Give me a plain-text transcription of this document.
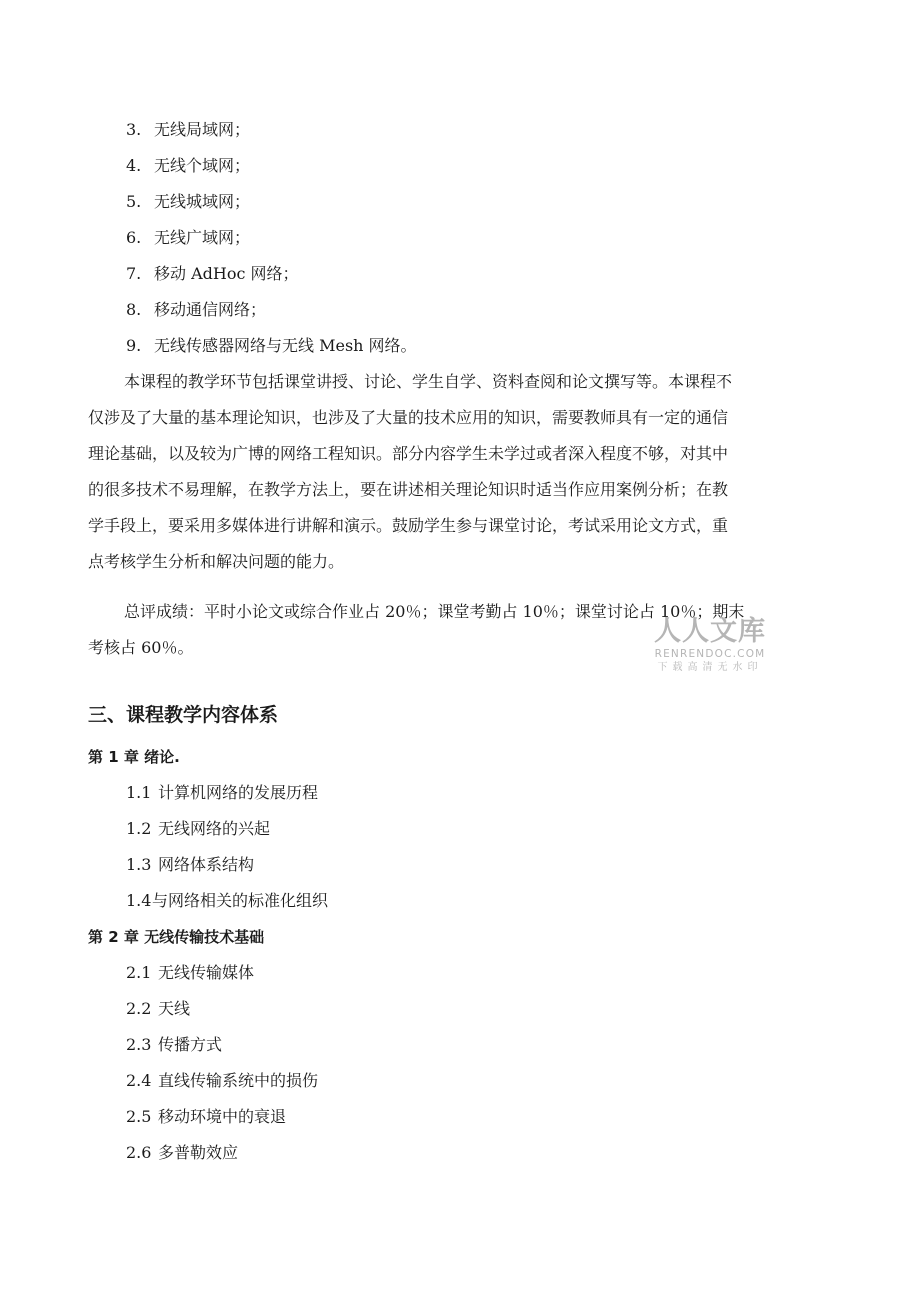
3. 无线局域网；
4. 无线个域网；
5. 无线城域网；
6. 无线广域网；
7. 移动 AdHoc 网络；
8. 移动通信网络；
9. 无线传感器网络与无线 Mesh 网络。
本课程的教学环节包括课堂讲授、讨论、学生自学、资料查阅和论文撰写等。本课程不
仅涉及了大量的基本理论知识，也涉及了大量的技术应用的知识，需要教师具有一定的通信
理论基础，以及较为广博的网络工程知识。部分内容学生未学过或者深入程度不够，对其中
的很多技术不易理解，在教学方法上，要在讲述相关理论知识时适当作应用案例分析；在教
学手段上，要采用多媒体进行讲解和演示。鼓励学生参与课堂讨论，考试采用论文方式，重
点考核学生分析和解决问题的能力。
总评成绩：平时小论文或综合作业占 20％；课堂考勤占 10％；课堂讨论占 10％；期末
考核占 60％。
人人文库
RENRENDOC.COM
下载高清无水印
三、课程教学内容体系
第 1 章 绪论.
1.1 计算机网络的发展历程
1.2 无线网络的兴起
1.3 网络体系结构
1.4与网络相关的标准化组织
第 2 章 无线传输技术基础
2.1 无线传输媒体
2.2 天线
2.3 传播方式
2.4 直线传输系统中的损伤
2.5 移动环境中的衰退
2.6 多普勒效应
